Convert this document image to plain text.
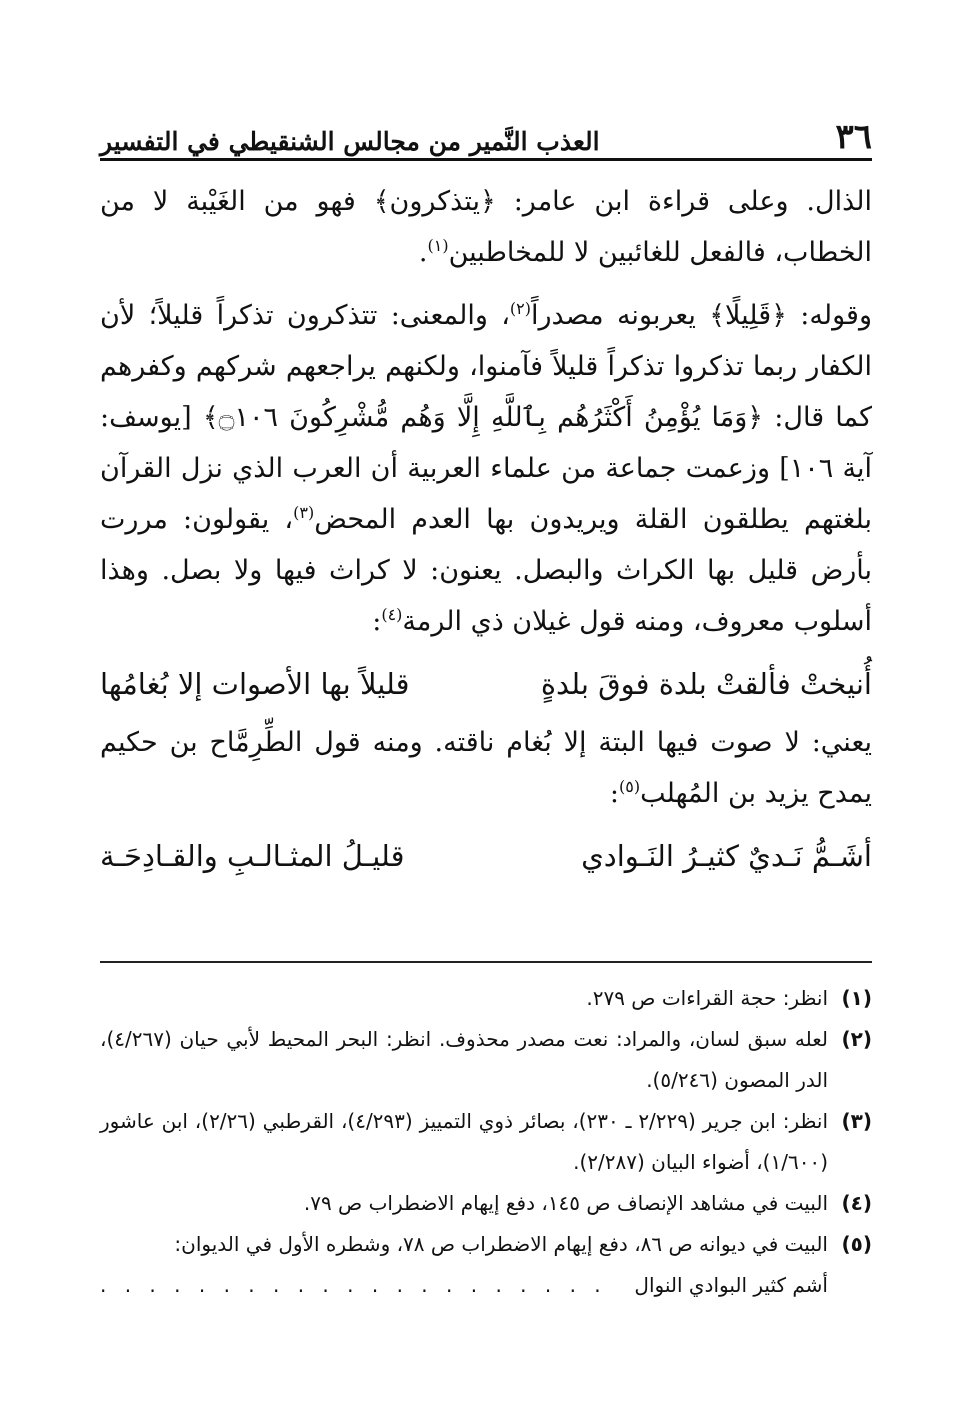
٣٦
العذب النَّمير من مجالس الشنقيطي في التفسير

الذال. وعلى قراءة ابن عامر: ﴿يتذكرون﴾ فهو من الغَيْبة لا من الخطاب، فالفعل للغائبين لا للمخاطبين$^{(١)}$.

وقوله: ﴿قَلِيلًا﴾ يعربونه مصدراً$^{(٢)}$، والمعنى: تتذكرون تذكراً قليلاً؛ لأن الكفار ربما تذكروا تذكراً قليلاً فآمنوا، ولكنهم يراجعهم شركهم وكفرهم كما قال: ﴿وَمَا يُؤْمِنُ أَكْثَرُهُم بِٱللَّهِ إِلَّا وَهُم مُّشْرِكُونَ ۝١٠٦﴾ [يوسف: آية ١٠٦] وزعمت جماعة من علماء العربية أن العرب الذي نزل القرآن بلغتهم يطلقون القلة ويريدون بها العدم المحض$^{(٣)}$، يقولون: مررت بأرض قليل بها الكراث والبصل. يعنون: لا كراث فيها ولا بصل. وهذا أسلوب معروف، ومنه قول غيلان ذي الرمة$^{(٤)}$:

أُنيختْ فألقتْ بلدة فوقَ بلدةٍ
قليلاً بها الأصوات إلا بُغامُها

يعني: لا صوت فيها البتة إلا بُغام ناقته. ومنه قول الطِّرِمَّاح بن حكيم يمدح يزيد بن المُهلب$^{(٥)}$:

أشَـمُّ نَـديٌ كثيـرُ النَـوادي
قليـلُ المثـالـبِ والقـادِحَـة
(١)
انظر: حجة القراءات ص ٢٧٩.
(٢)
لعله سبق لسان، والمراد: نعت مصدر محذوف. انظر: البحر المحيط لأبي حيان (٤/٢٦٧)، الدر المصون (٥/٢٤٦).
(٣)
انظر: ابن جرير (٢/٢٢٩ ـ ٢٣٠)، بصائر ذوي التمييز (٤/٢٩٣)، القرطبي (٢/٢٦)، ابن عاشور (١/٦٠٠)، أضواء البيان (٢/٢٨٧).
(٤)
البيت في مشاهد الإنصاف ص ١٤٥، دفع إيهام الاضطراب ص ٧٩.
(٥)
البيت في ديوانه ص ٨٦، دفع إيهام الاضطراب ص ٧٨، وشطره الأول في الديوان:
أشم كثير البوادي النوال
. . . . . . . . . . . . . . . . . . . . .
